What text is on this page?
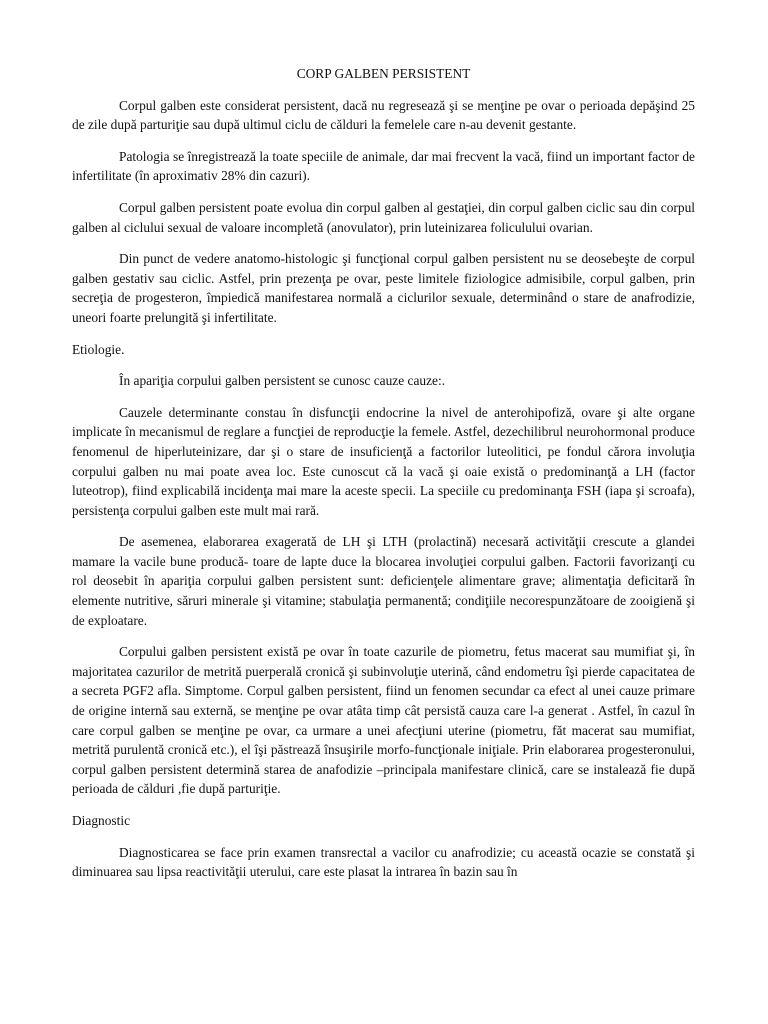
CORP GALBEN PERSISTENT

Corpul galben este considerat persistent, dacă nu regresează şi se menţine pe ovar o perioada depăşind 25 de zile după parturiţie sau după ultimul ciclu de călduri la femelele care n-au devenit gestante.

Patologia se înregistrează la toate speciile de animale, dar mai frecvent la vacă, fiind un important factor de infertilitate (în aproximativ 28% din cazuri).

Corpul galben persistent poate evolua din corpul galben al gestaţiei, din corpul galben ciclic sau din corpul galben al ciclului sexual de valoare incompletă (anovulator), prin luteinizarea foliculului ovarian.

Din punct de vedere anatomo-histologic şi funcţional corpul galben persistent nu se deosebeşte de corpul galben gestativ sau ciclic. Astfel, prin prezenţa pe ovar, peste limitele fiziologice admisibile, corpul galben, prin secreţia de progesteron, împiedică manifestarea normală a ciclurilor sexuale, determinând o stare de anafrodizie, uneori foarte prelungită şi infertilitate.

Etiologie.

În apariţia corpului galben persistent se cunosc cauze cauze:.

Cauzele determinante constau în disfuncţii endocrine la nivel de anterohipofiză, ovare şi alte organe implicate în mecanismul de reglare a funcţiei de reproducţie la femele. Astfel, dezechilibrul neurohormonal produce fenomenul de hiperluteinizare, dar şi o stare de insuficienţă a factorilor luteolitici, pe fondul cărora involuţia corpului galben nu mai poate avea loc. Este cunoscut că la vacă şi oaie există o predominanţă a LH (factor luteotrop), fiind explicabilă incidenţa mai mare la aceste specii. La speciile cu predominanţa FSH (iapa şi scroafa), persistenţa corpului galben este mult mai rară.

De asemenea, elaborarea exagerată de LH şi LTH (prolactină) necesară activităţii crescute a glandei mamare la vacile bune producă- toare de lapte duce la blocarea involuţiei corpului galben. Factorii favorizanţi cu rol deosebit în apariţia corpului galben persistent sunt: deficienţele alimentare grave; alimentaţia deficitară în elemente nutritive, săruri minerale şi vitamine; stabulaţia permanentă; condiţiile necorespunzătoare de zooigienă şi de exploatare.

Corpului galben persistent există pe ovar în toate cazurile de piometru, fetus macerat sau mumifiat şi, în majoritatea cazurilor de metrită puerperală cronică şi subinvoluţie uterină, când endometru îşi pierde capacitatea de a secreta PGF2 afla. Simptome. Corpul galben persistent, fiind un fenomen secundar ca efect al unei cauze primare de origine internă sau externă, se menţine pe ovar atâta timp cât persistă cauza care l-a generat . Astfel, în cazul în care corpul galben se menţine pe ovar, ca urmare a unei afecţiuni uterine (piometru, făt macerat sau mumifiat, metrită purulentă cronică etc.), el îşi păstrează însuşirile morfo-funcţionale iniţiale. Prin elaborarea progesteronului, corpul galben persistent determină starea de anafodizie –principala manifestare clinică, care se instalează fie după perioada de călduri ,fie după parturiţie.

Diagnostic

Diagnosticarea se face prin examen transrectal a vacilor cu anafrodizie; cu această ocazie se constată şi diminuarea sau lipsa reactivităţii uterului, care este plasat la intrarea în bazin sau în
